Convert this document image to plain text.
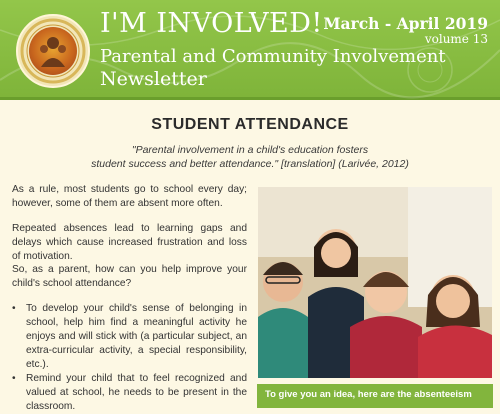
I'M INVOLVED!
Parental and Community Involvement
Newsletter
March - April 2019
volume 13
STUDENT ATTENDANCE
"Parental involvement in a child's education fosters
student success and better attendance." [translation] (Larivée, 2012)
As a rule, most students go to school every day; however, some of them are absent more often.
Repeated absences lead to learning gaps and delays which cause increased frustration and loss of motivation.
So, as a parent, how can you help improve your child's school attendance?
• To develop your child's sense of belonging in school, help him find a meaningful activity he enjoys and will stick with (a particular subject, an extra-curricular activity, a special responsibility, etc.).
• Remind your child that to feel recognized and valued at school, he needs to be present in the classroom.
To give you an idea, here are the absenteeism
